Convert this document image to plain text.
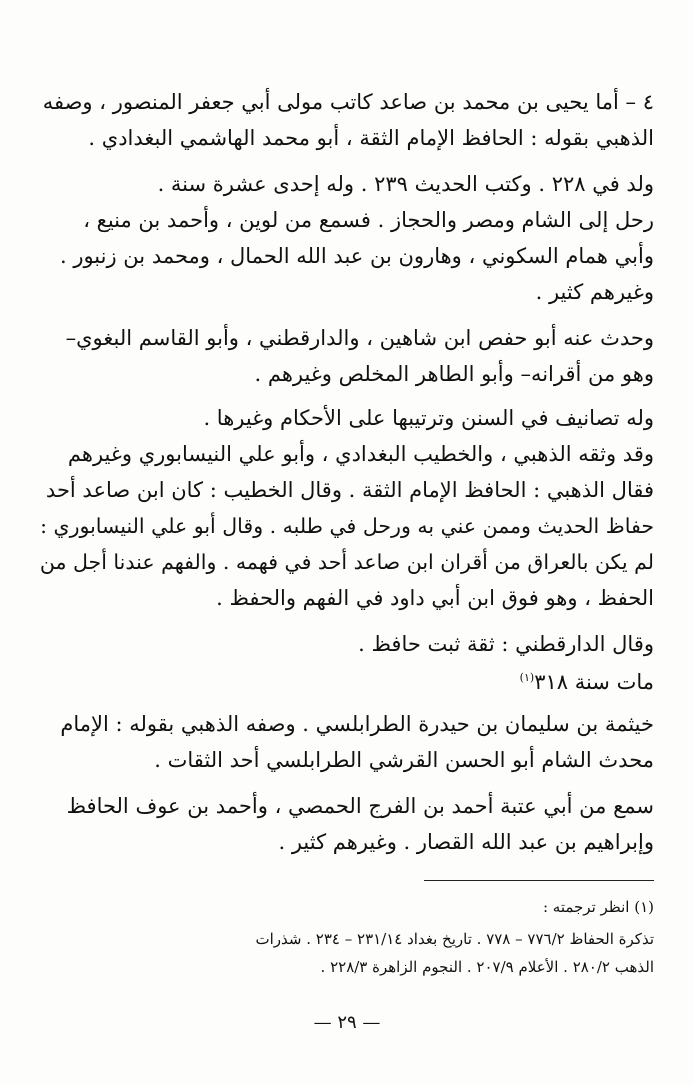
٤ – أما يحيى بن محمد بن صاعد كاتب مولى أبي جعفر المنصور ، وصفه
الذهبي بقوله : الحافظ الإمام الثقة ، أبو محمد الهاشمي البغدادي .
ولد في ٢٢٨ . وكتب الحديث ٢٣٩ . وله إحدى عشرة سنة .
رحل إلى الشام ومصر والحجاز . فسمع من لوين ، وأحمد بن منيع ،
وأبي همام السكوني ، وهارون بن عبد الله الحمال ، ومحمد بن زنبور .
وغيرهم كثير .
وحدث عنه أبو حفص ابن شاهين ، والدارقطني ، وأبو القاسم البغوي–
وهو من أقرانه– وأبو الطاهر المخلص وغيرهم .
وله تصانيف في السنن وترتيبها على الأحكام وغيرها .
وقد وثقه الذهبي ، والخطيب البغدادي ، وأبو علي النيسابوري وغيرهم
فقال الذهبي : الحافظ الإمام الثقة . وقال الخطيب : كان ابن صاعد أحد
حفاظ الحديث وممن عني به ورحل في طلبه . وقال أبو علي النيسابوري :
لم يكن بالعراق من أقران ابن صاعد أحد في فهمه . والفهم عندنا أجل من
الحفظ ، وهو فوق ابن أبي داود في الفهم والحفظ .
وقال الدارقطني : ثقة ثبت حافظ .
مات سنة ٣١٨$^{(١)}$
خيثمة بن سليمان بن حيدرة الطرابلسي . وصفه الذهبي بقوله : الإمام
محدث الشام أبو الحسن القرشي الطرابلسي أحد الثقات .
سمع من أبي عتبة أحمد بن الفرج الحمصي ، وأحمد بن عوف الحافظ
وإبراهيم بن عبد الله القصار . وغيرهم كثير .
(١) انظر ترجمته :
تذكرة الحفاظ ٧٧٦/٢ – ٧٧٨ . تاريخ بغداد ٢٣١/١٤ – ٢٣٤ . شذرات
الذهب ٢٨٠/٢ . الأعلام ٢٠٧/٩ . النجوم الزاهرة ٢٢٨/٣ .
— ٢٩ —
